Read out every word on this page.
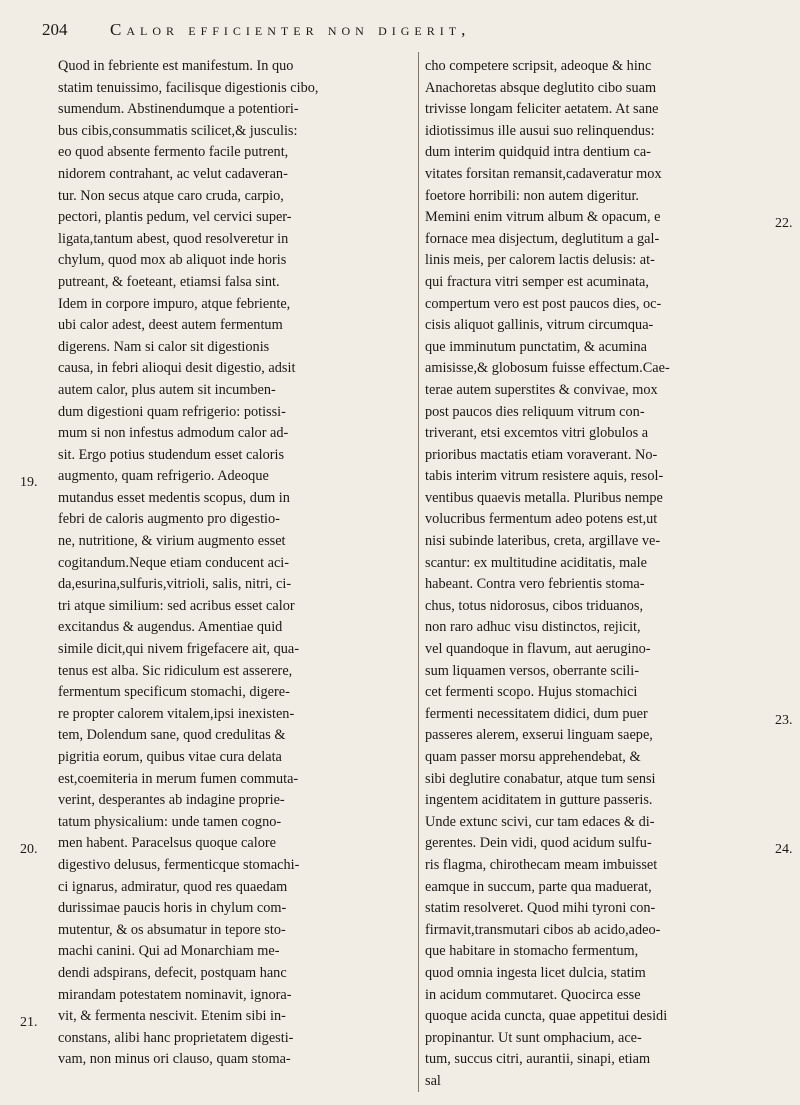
204	Calor efficienter non digerit,
Quod in febriente est manifestum. In quo
statim tenuissimo, facilisque digestionis cibo,
sumendum. Abstinendumque a potentiori-
bus cibis,consummatis scilicet,& jusculis:
eo quod absente fermento facile putrent,
nidorem contrahant, ac velut cadaveran-
tur. Non secus atque caro cruda, carpio,
pectori, plantis pedum, vel cervici super-
ligata,tantum abest, quod resolveretur in
chylum, quod mox ab aliquot inde horis
putreant, & foeteant, etiamsi falsa sint.
Idem in corpore impuro, atque febriente,
ubi calor adest, deest autem fermentum
digerens. Nam si calor sit digestionis
causa, in febri alioqui desit digestio, adsit
autem calor, plus autem sit incumben-
dum digestioni quam refrigerio: potissi-
mum si non infestus admodum calor ad-
sit. Ergo potius studendum esset caloris
augmento, quam refrigerio. Adeoque
mutandus esset medentis scopus, dum in
febri de caloris augmento pro digestio-
ne, nutritione, & virium augmento esset
cogitandum.Neque etiam conducent aci-
da,esurina,sulfuris,vitrioli, salis, nitri, ci-
tri atque similium: sed acribus esset calor
excitandus & augendus. Amentiae quid
simile dicit,qui nivem frigefacere ait, qua-
tenus est alba. Sic ridiculum est asserere,
fermentum specificum stomachi, digere-
re propter calorem vitalem,ipsi inexisten-
tem, Dolendum sane, quod credulitas &
pigritia eorum, quibus vitae cura delata
est,coemiteria in merum fumen commuta-
verint, desperantes ab indagine proprie-
tatum physicalium: unde tamen cogno-
men habent. Paracelsus quoque calore
digestivo delusus, fermenticque stomachi-
ci ignarus, admiratur, quod res quaedam
durissimae paucis horis in chylum com-
mutentur, & os absumatur in tepore sto-
machi canini. Qui ad Monarchiam me-
dendi adspirans, defecit, postquam hanc
mirandam potestatem nominavit, ignora-
vit, & fermenta nescivit. Etenim sibi in-
constans, alibi hanc proprietatem digesti-
vam, non minus ori clauso, quam stoma-
cho competere scripsit, adeoque & hinc
Anachoretas absque deglutito cibo suam
trivisse longam feliciter aetatem. At sane
idiotissimus ille ausui suo relinquendus:
dum interim quidquid intra dentium ca-
vitates forsitan remansit,cadaveratur mox
foetore horribili: non autem digeritur.
Memini enim vitrum album & opacum, e
fornace mea disjectum, deglutitum a gal-
linis meis, per calorem lactis delusis: at-
qui fractura vitri semper est acuminata,
compertum vero est post paucos dies, oc-
cisis aliquot gallinis, vitrum circumqua-
que imminutum punctatim, & acumina
amisisse,& globosum fuisse effectum.Cae-
terae autem superstites & convivae, mox
post paucos dies reliquum vitrum con-
triverant, etsi excemtos vitri globulos a
prioribus mactatis etiam voraverant. No-
tabis interim vitrum resistere aquis, resol-
ventibus quaevis metalla. Pluribus nempe
volucribus fermentum adeo potens est,ut
nisi subinde lateribus, creta, argillave ve-
scantur: ex multitudine aciditatis, male
habeant. Contra vero febrientis stoma-
chus, totus nidorosus, cibos triduanos,
non raro adhuc visu distinctos, rejicit,
vel quandoque in flavum, aut aerugino-
sum liquamen versos, oberrante scili-
cet fermenti scopo. Hujus stomachici
fermenti necessitatem didici, dum puer
passeres alerem, exserui linguam saepe,
quam passer morsu apprehendebat, &
sibi deglutire conabatur, atque tum sensi
ingentem aciditatem in gutture passeris.
Unde extunc scivi, cur tam edaces & di-
gerentes. Dein vidi, quod acidum sulfu-
ris flagma, chirothecam meam imbuisset
eamque in succum, parte qua maduerat,
statim resolveret. Quod mihi tyroni con-
firmavit,transmutari cibos ab acido,adeo-
que habitare in stomacho fermentum,
quod omnia ingesta licet dulcia, statim
in acidum commutaret. Quocirca esse
quoque acida cuncta, quae appetitui desidi
propinantur. Ut sunt omphacium, ace-
tum, succus citri, aurantii, sinapi, etiam
sal
19.
20.
21.
22.
23.
24.
